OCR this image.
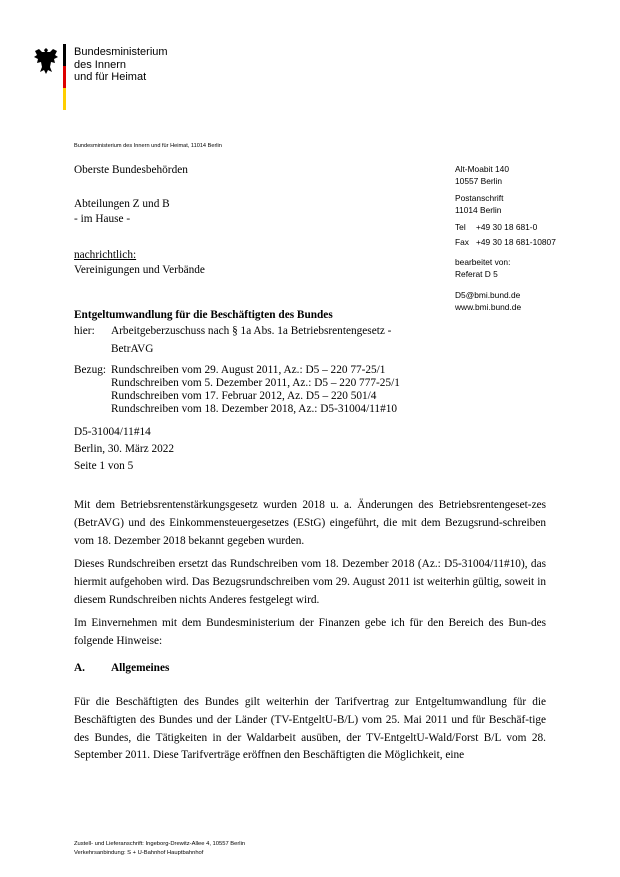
Bundesministerium
des Innern
und für Heimat
Bundesministerium des Innern und für Heimat, 11014 Berlin
Oberste Bundesbehörden
Abteilungen Z und B
- im Hause -
nachrichtlich:
Vereinigungen und Verbände
Alt-Moabit 140
10557 Berlin
Postanschrift
11014 Berlin
Tel +49 30 18 681-0
Fax +49 30 18 681-10807
bearbeitet von:
Referat D 5
D5@bmi.bund.de
www.bmi.bund.de
Entgeltumwandlung für die Beschäftigten des Bundes
hier: Arbeitgeberzuschuss nach § 1a Abs. 1a Betriebsrentengesetz -
BetrAVG
Bezug: Rundschreiben vom 29. August 2011, Az.: D5 – 220 77-25/1
Rundschreiben vom 5. Dezember 2011, Az.: D5 – 220 777-25/1
Rundschreiben vom 17. Februar 2012, Az. D5 – 220 501/4
Rundschreiben vom 18. Dezember 2018, Az.: D5-31004/11#10
D5-31004/11#14
Berlin, 30. März 2022
Seite 1 von 5
Mit dem Betriebsrentenstärkungsgesetz wurden 2018 u. a. Änderungen des Betriebsrentengeset-zes (BetrAVG) und des Einkommensteuergesetzes (EStG) eingeführt, die mit dem Bezugsrund-schreiben vom 18. Dezember 2018 bekannt gegeben wurden.
Dieses Rundschreiben ersetzt das Rundschreiben vom 18. Dezember 2018 (Az.: D5-31004/11#10), das hiermit aufgehoben wird. Das Bezugsrundschreiben vom 29. August 2011 ist weiterhin gültig, soweit in diesem Rundschreiben nichts Anderes festgelegt wird.
Im Einvernehmen mit dem Bundesministerium der Finanzen gebe ich für den Bereich des Bun-des folgende Hinweise:
A. Allgemeines
Für die Beschäftigten des Bundes gilt weiterhin der Tarifvertrag zur Entgeltumwandlung für die Beschäftigten des Bundes und der Länder (TV-EntgeltU-B/L) vom 25. Mai 2011 und für Beschäf-tige des Bundes, die Tätigkeiten in der Waldarbeit ausüben, der TV-EntgeltU-Wald/Forst B/L vom 28. September 2011. Diese Tarifverträge eröffnen den Beschäftigten die Möglichkeit, eine
Zustell- und Lieferanschrift: Ingeborg-Drewitz-Allee 4, 10557 Berlin
Verkehrsanbindung: S + U-Bahnhof Hauptbahnhof
